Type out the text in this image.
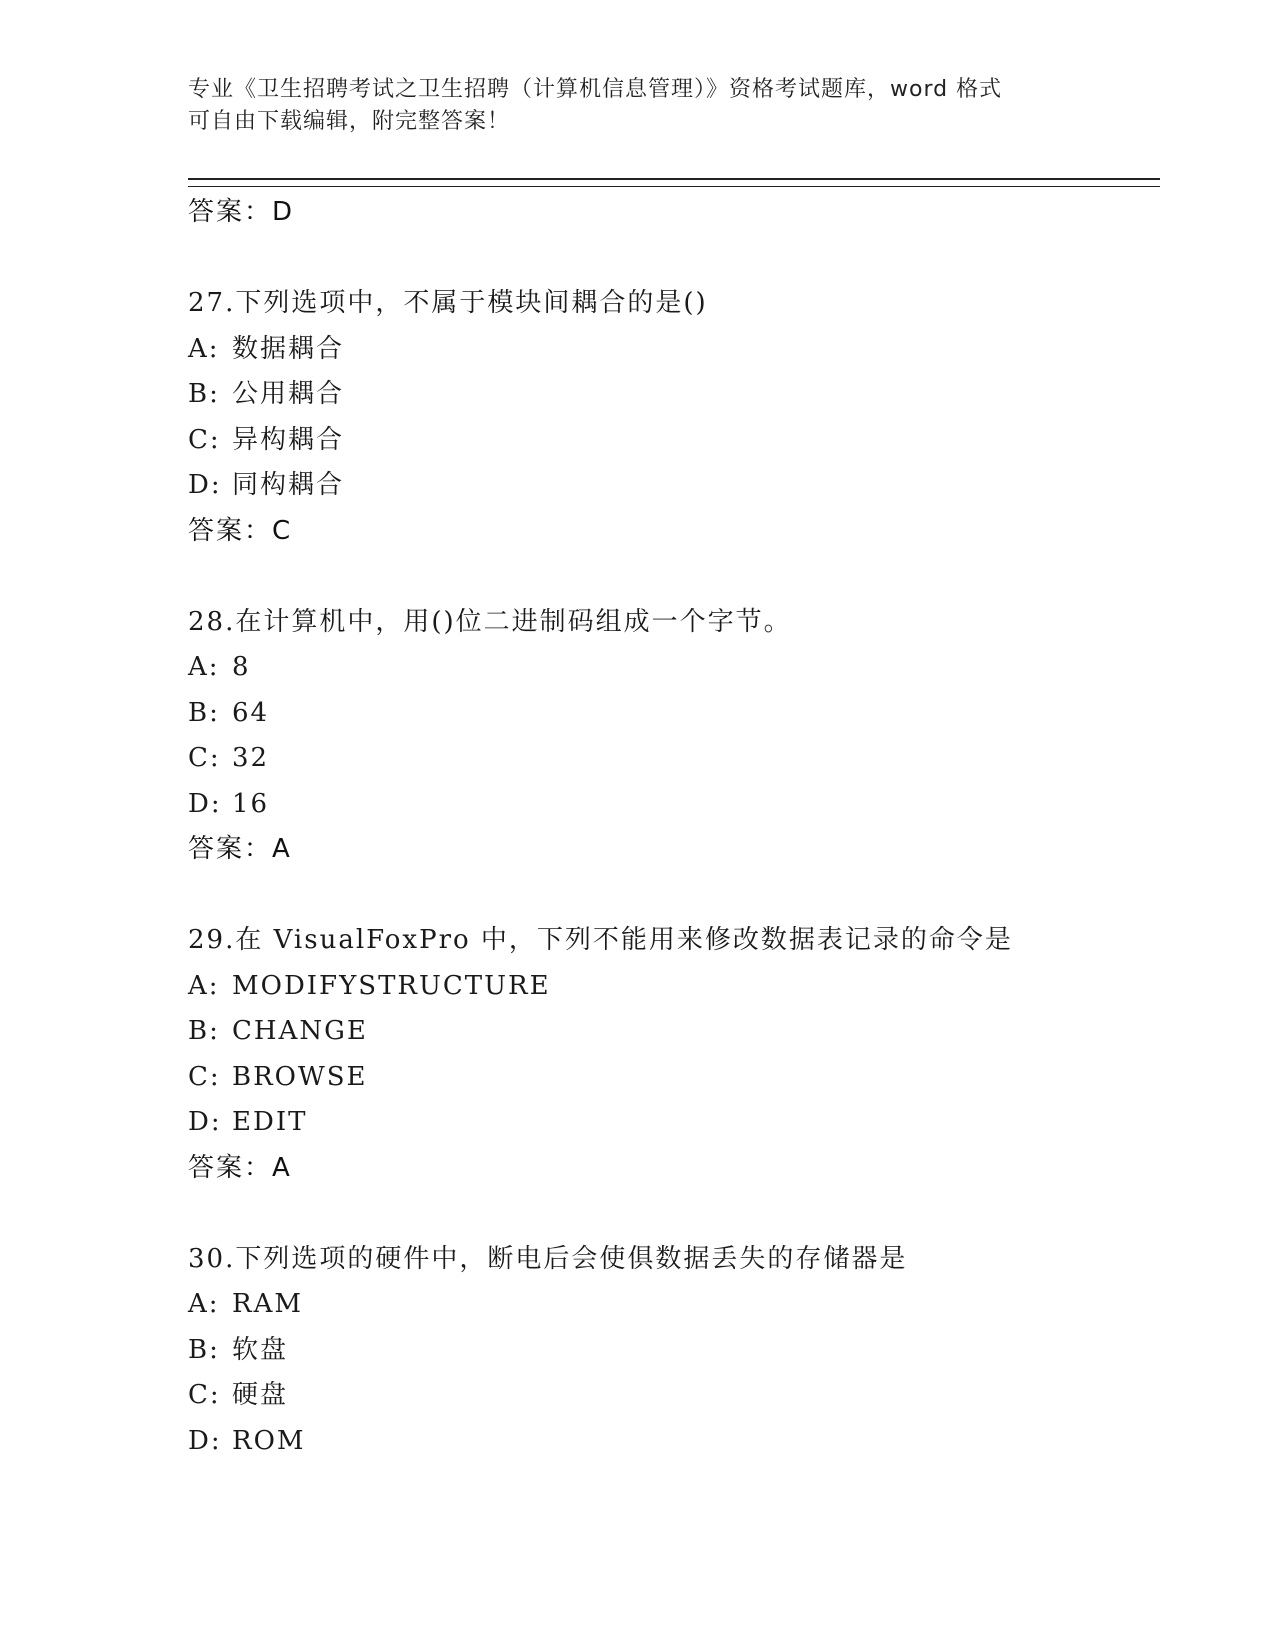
专业《卫生招聘考试之卫生招聘（计算机信息管理）》资格考试题库，word 格式
可自由下载编辑，附完整答案！
答案：D
27.下列选项中，不属于模块间耦合的是()
A: 数据耦合
B: 公用耦合
C: 异构耦合
D: 同构耦合
答案：C
28.在计算机中，用()位二进制码组成一个字节。
A: 8
B: 64
C: 32
D: 16
答案：A
29.在 VisualFoxPro 中，下列不能用来修改数据表记录的命令是
A: MODIFYSTRUCTURE
B: CHANGE
C: BROWSE
D: EDIT
答案：A
30.下列选项的硬件中，断电后会使俱数据丢失的存储器是
A: RAM
B: 软盘
C: 硬盘
D: ROM
